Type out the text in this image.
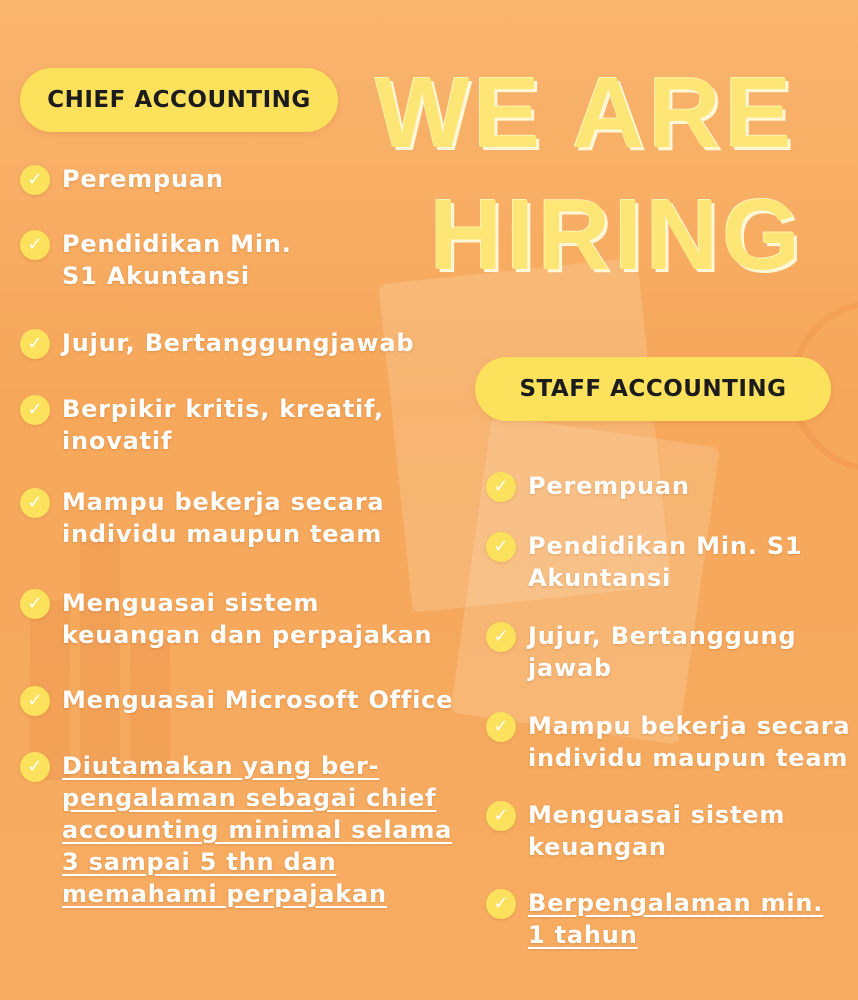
CHIEF ACCOUNTING WE ARE
HIRING
STAFF ACCOUNTING
✓ Perempuan
✓ Pendidikan Min.
S1 Akuntansi
✓ Jujur, Bertanggungjawab
✓ Berpikir kritis, kreatif,
inovatif
✓ Mampu bekerja secara
individu maupun team
✓ Menguasai sistem
keuangan dan perpajakan
✓ Menguasai Microsoft Office
✓ Diutamakan yang ber-
pengalaman sebagai chief
accounting minimal selama
3 sampai 5 thn dan
memahami perpajakan
✓ Perempuan
✓ Pendidikan Min. S1
Akuntansi
✓ Jujur, Bertanggung
jawab
✓ Mampu bekerja secara
individu maupun team
✓ Menguasai sistem
keuangan
✓ Berpengalaman min.
1 tahun
